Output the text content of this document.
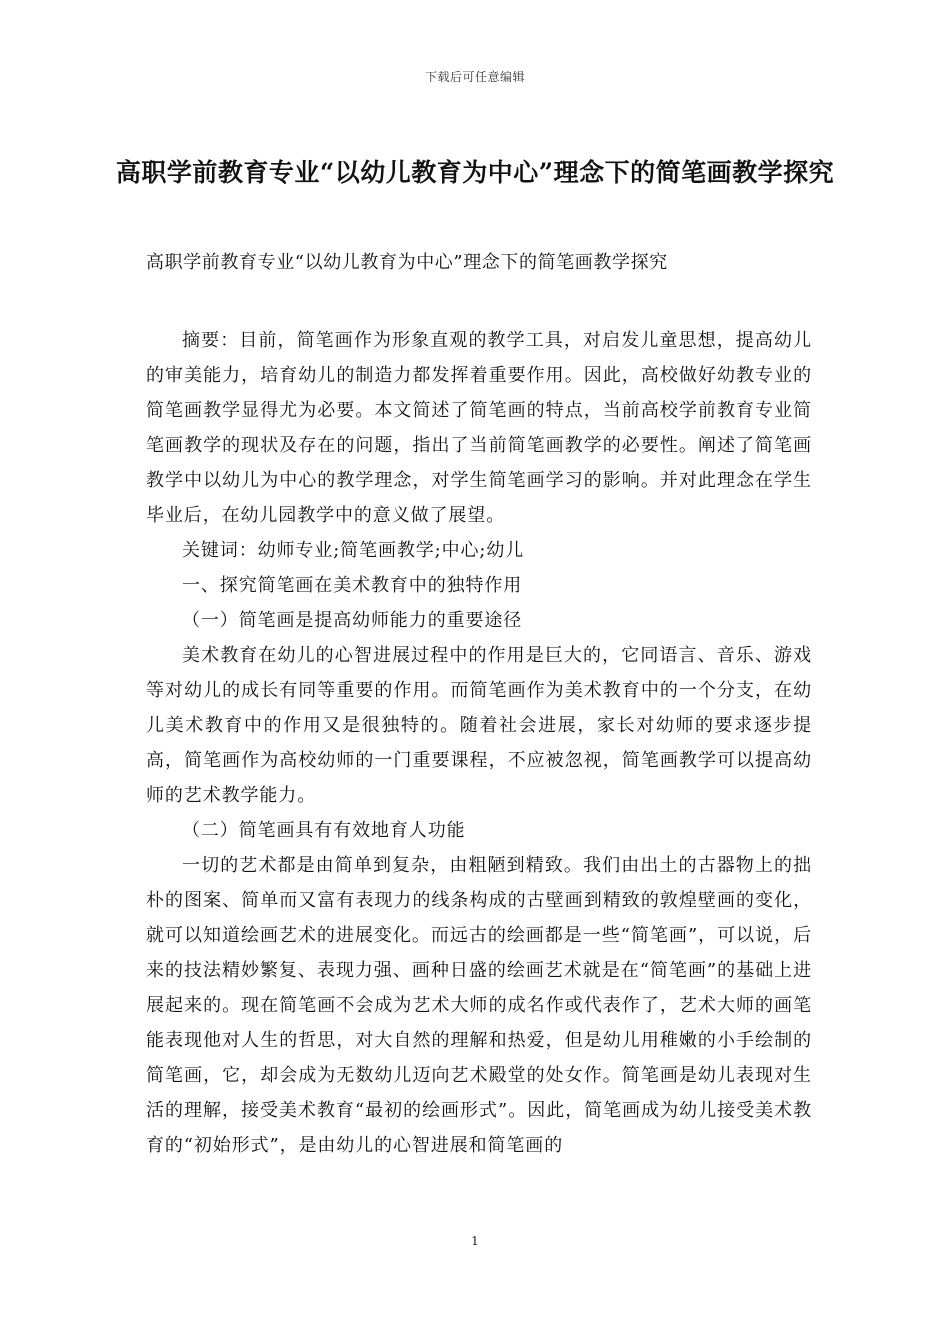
下载后可任意编辑
高职学前教育专业“以幼儿教育为中心”理念下的简笔画教学探究
高职学前教育专业“以幼儿教育为中心”理念下的简笔画教学探究

摘要：目前，简笔画作为形象直观的教学工具，对启发儿童思想，提高幼儿的审美能力，培育幼儿的制造力都发挥着重要作用。因此，高校做好幼教专业的简笔画教学显得尤为必要。本文简述了简笔画的特点，当前高校学前教育专业简笔画教学的现状及存在的问题，指出了当前简笔画教学的必要性。阐述了简笔画教学中以幼儿为中心的教学理念，对学生简笔画学习的影响。并对此理念在学生毕业后，在幼儿园教学中的意义做了展望。

关键词：幼师专业;简笔画教学;中心;幼儿

一、探究简笔画在美术教育中的独特作用

（一）简笔画是提高幼师能力的重要途径

美术教育在幼儿的心智进展过程中的作用是巨大的，它同语言、音乐、游戏等对幼儿的成长有同等重要的作用。而简笔画作为美术教育中的一个分支，在幼儿美术教育中的作用又是很独特的。随着社会进展，家长对幼师的要求逐步提高，简笔画作为高校幼师的一门重要课程，不应被忽视，简笔画教学可以提高幼师的艺术教学能力。

（二）简笔画具有有效地育人功能

一切的艺术都是由简单到复杂，由粗陋到精致。我们由出土的古器物上的拙朴的图案、简单而又富有表现力的线条构成的古壁画到精致的敦煌壁画的变化，就可以知道绘画艺术的进展变化。而远古的绘画都是一些“简笔画”，可以说，后来的技法精妙繁复、表现力强、画种日盛的绘画艺术就是在“简笔画”的基础上进展起来的。现在简笔画不会成为艺术大师的成名作或代表作了，艺术大师的画笔能表现他对人生的哲思，对大自然的理解和热爱，但是幼儿用稚嫩的小手绘制的简笔画，它，却会成为无数幼儿迈向艺术殿堂的处女作。简笔画是幼儿表现对生活的理解，接受美术教育“最初的绘画形式”。因此，简笔画成为幼儿接受美术教育的“初始形式”，是由幼儿的心智进展和简笔画的

1
